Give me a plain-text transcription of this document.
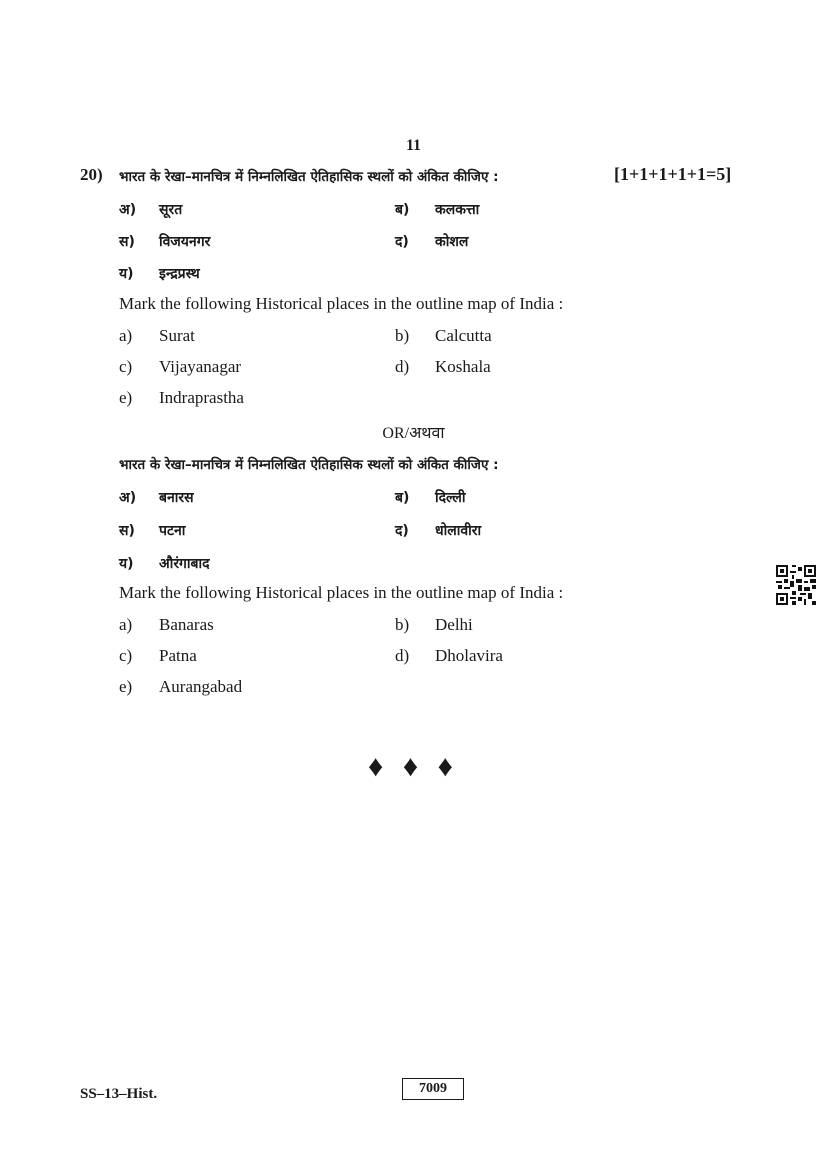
11
20) भारत के रेखा–मानचित्र में निम्नलिखित ऐतिहासिक स्थलों को अंकित कीजिए :	[1+1+1+1+1=5]
अ) सूरत	ब) कलकत्ता
स) विजयनगर	द) कोशल
य) इन्द्रप्रस्थ
Mark the following Historical places in the outline map of India :
a) Surat	b) Calcutta
c) Vijayanagar	d) Koshala
e) Indraprastha
OR/अथवा
भारत के रेखा–मानचित्र में निम्नलिखित ऐतिहासिक स्थलों को अंकित कीजिए :
अ) बनारस	ब) दिल्ली
स) पटना	द) धोलावीरा
य) औरंगाबाद
Mark the following Historical places in the outline map of India :
a) Banaras	b) Delhi
c) Patna	d) Dholavira
e) Aurangabad
♦ ♦ ♦
SS–13–Hist.	7009
